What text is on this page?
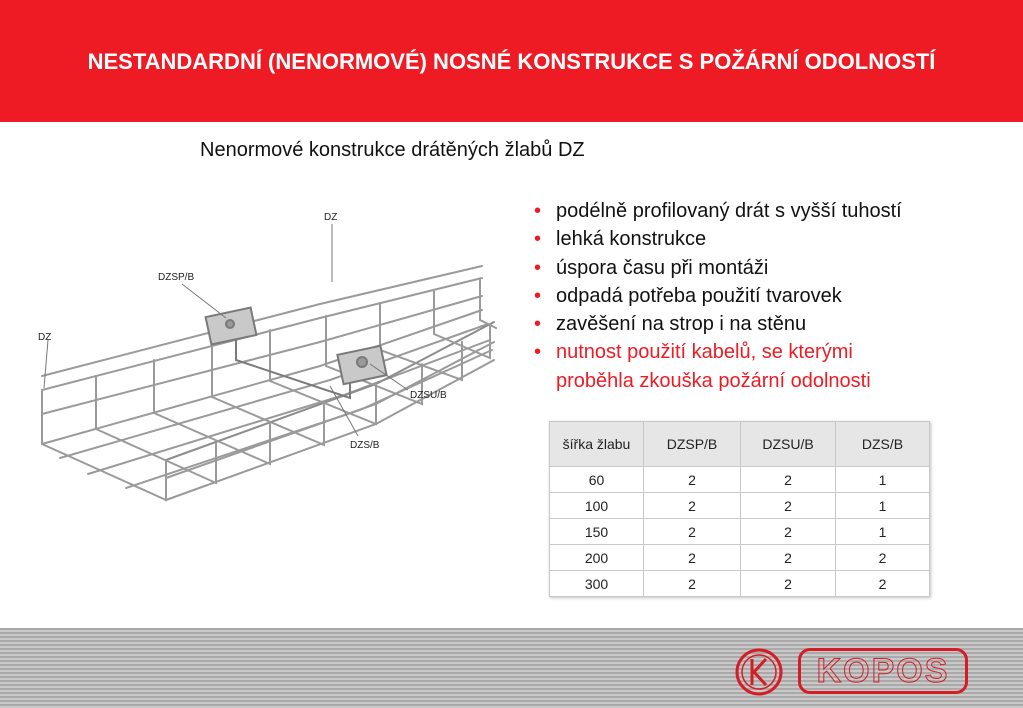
NESTANDARDNÍ (NENORMOVÉ) NOSNÉ KONSTRUKCE S POŽÁRNÍ ODOLNOSTÍ
Nenormové konstrukce drátěných žlabů DZ
DZ
DZSP/B
DZ
DZSU/B
DZS/B
• podélně profilovaný drát s vyšší tuhostí
• lehká konstrukce
• úspora času při montáži
• odpadá potřeba použití tvarovek
• zavěšení na strop i na stěnu
• nutnost použití kabelů, se kterými
proběhla zkouška požární odolnosti
šířka žlabu	DZSP/B	DZSU/B	DZS/B
60	2	2	1
100	2	2	1
150	2	2	1
200	2	2	2
300	2	2	2
KOPOS
